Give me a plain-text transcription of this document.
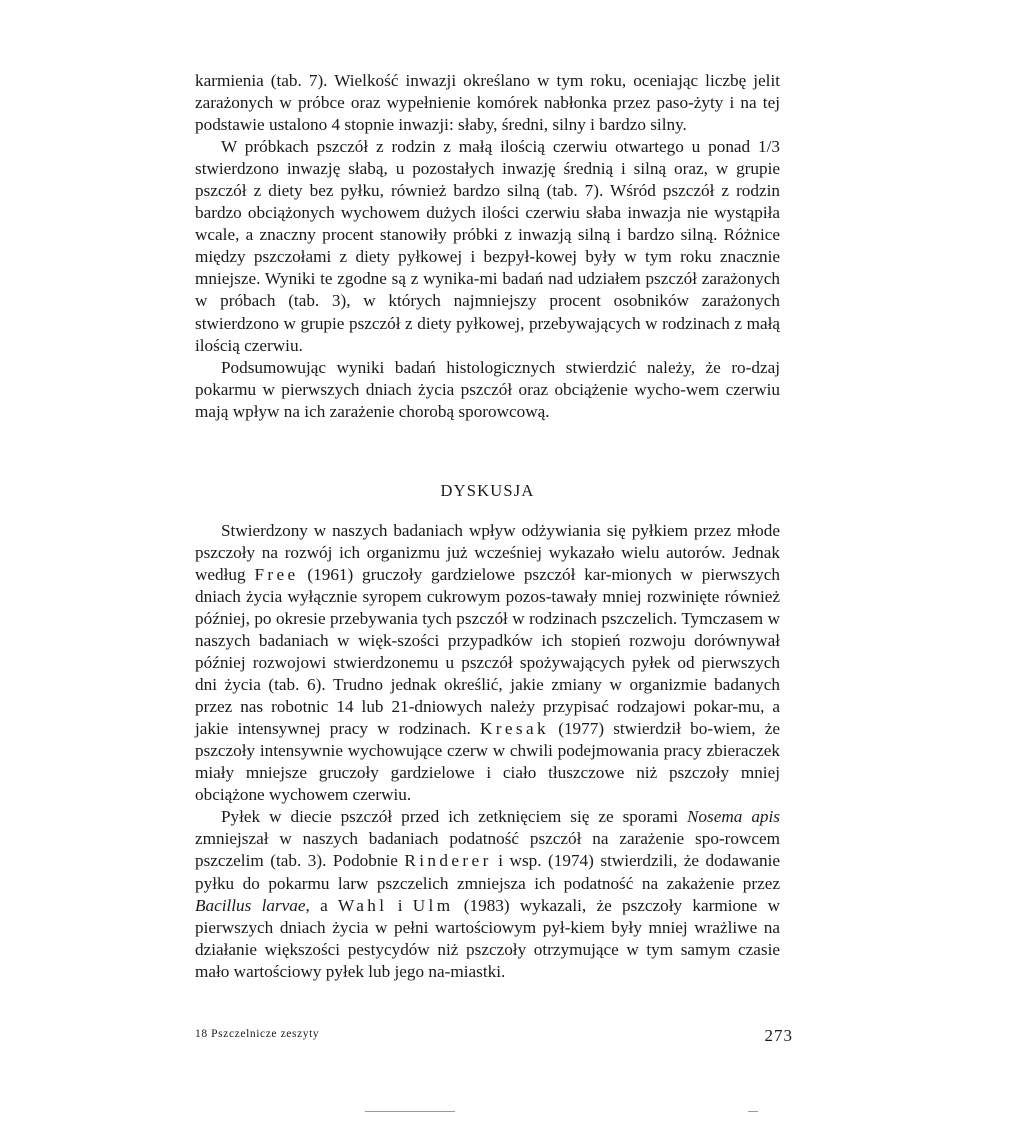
karmienia (tab. 7). Wielkość inwazji określano w tym roku, oceniając liczbę jelit zarażonych w próbce oraz wypełnienie komórek nabłonka przez paso-żyty i na tej podstawie ustalono 4 stopnie inwazji: słaby, średni, silny i bardzo silny.

W próbkach pszczół z rodzin z małą ilością czerwiu otwartego u ponad 1/3 stwierdzono inwazję słabą, u pozostałych inwazję średnią i silną oraz, w grupie pszczół z diety bez pyłku, również bardzo silną (tab. 7). Wśród pszczół z rodzin bardzo obciążonych wychowem dużych ilości czerwiu słaba inwazja nie wystąpiła wcale, a znaczny procent stanowiły próbki z inwazją silną i bardzo silną. Różnice między pszczołami z diety pyłkowej i bezpył-kowej były w tym roku znacznie mniejsze. Wyniki te zgodne są z wynika-mi badań nad udziałem pszczół zarażonych w próbach (tab. 3), w których najmniejszy procent osobników zarażonych stwierdzono w grupie pszczół z diety pyłkowej, przebywających w rodzinach z małą ilością czerwiu.

Podsumowując wyniki badań histologicznych stwierdzić należy, że ro-dzaj pokarmu w pierwszych dniach życia pszczół oraz obciążenie wycho-wem czerwiu mają wpływ na ich zarażenie chorobą sporowcową.

DYSKUSJA

Stwierdzony w naszych badaniach wpływ odżywiania się pyłkiem przez młode pszczoły na rozwój ich organizmu już wcześniej wykazało wielu autorów. Jednak według Free (1961) gruczoły gardzielowe pszczół kar-mionych w pierwszych dniach życia wyłącznie syropem cukrowym pozos-tawały mniej rozwinięte również później, po okresie przebywania tych pszczół w rodzinach pszczelich. Tymczasem w naszych badaniach w więk-szości przypadków ich stopień rozwoju dorównywał później rozwojowi stwierdzonemu u pszczół spożywających pyłek od pierwszych dni życia (tab. 6). Trudno jednak określić, jakie zmiany w organizmie badanych przez nas robotnic 14 lub 21-dniowych należy przypisać rodzajowi pokar-mu, a jakie intensywnej pracy w rodzinach. Kresak (1977) stwierdził bo-wiem, że pszczoły intensywnie wychowujące czerw w chwili podejmowania pracy zbieraczek miały mniejsze gruczoły gardzielowe i ciało tłuszczowe niż pszczoły mniej obciążone wychowem czerwiu.

Pyłek w diecie pszczół przed ich zetknięciem się ze sporami Nosema apis zmniejszał w naszych badaniach podatność pszczół na zarażenie spo-rowcem pszczelim (tab. 3). Podobnie Rinderer i wsp. (1974) stwierdzili, że dodawanie pyłku do pokarmu larw pszczelich zmniejsza ich podatność na zakażenie przez Bacillus larvae, a Wahl i Ulm (1983) wykazali, że pszczoły karmione w pierwszych dniach życia w pełni wartościowym pył-kiem były mniej wrażliwe na działanie większości pestycydów niż pszczoły otrzymujące w tym samym czasie mało wartościowy pyłek lub jego na-miastki.

18 Pszczelnicze zeszyty	273
